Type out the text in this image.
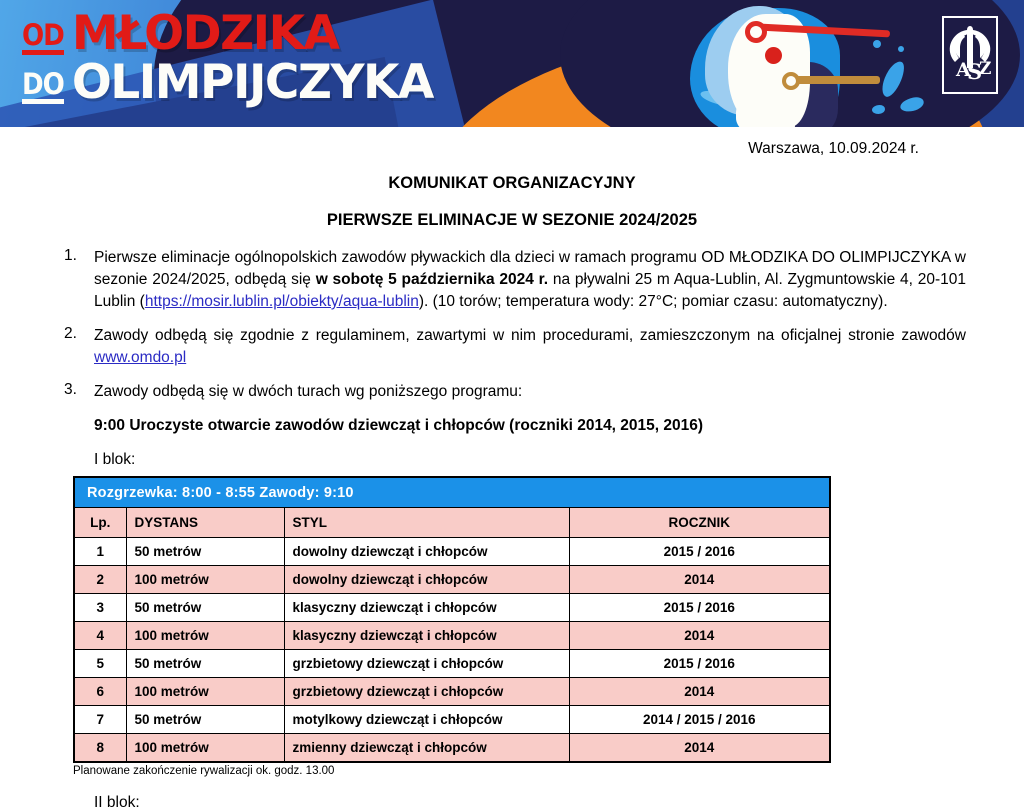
OD MŁODZIKA
DO OLIMPIJCZYKA	A
S
Z
Warszawa, 10.09.2024 r.
KOMUNIKAT ORGANIZACYJNY
PIERWSZE ELIMINACJE W SEZONIE 2024/2025
1.	Pierwsze eliminacje ogólnopolskich zawodów pływackich dla dzieci w ramach programu OD MŁODZIKA DO OLIMPIJCZYKA w sezonie 2024/2025, odbędą się w sobotę 5 października 2024 r. na pływalni 25 m Aqua-Lublin, Al. Zygmuntowskie 4, 20-101 Lublin (https://mosir.lublin.pl/obiekty/aqua-lublin). (10 torów; temperatura wody: 27°C; pomiar czasu: automatyczny).
2.	Zawody odbędą się zgodnie z regulaminem, zawartymi w nim procedurami, zamieszczonym na oficjalnej stronie zawodów www.omdo.pl
3.	Zawody odbędą się w dwóch turach wg poniższego programu:
9:00 Uroczyste otwarcie zawodów dziewcząt i chłopców (roczniki 2014, 2015, 2016)
I blok:
Rozgrzewka: 8:00 - 8:55 Zawody: 9:10			
Lp.	DYSTANS	STYL	ROCZNIK
1	50 metrów	dowolny dziewcząt i chłopców	2015 / 2016
2	100 metrów	dowolny dziewcząt i chłopców	2014
3	50 metrów	klasyczny dziewcząt i chłopców	2015 / 2016
4	100 metrów	klasyczny dziewcząt i chłopców	2014
5	50 metrów	grzbietowy dziewcząt i chłopców	2015 / 2016
6	100 metrów	grzbietowy dziewcząt i chłopców	2014
7	50 metrów	motylkowy dziewcząt i chłopców	2014 / 2015 / 2016
8	100 metrów	zmienny dziewcząt i chłopców	2014
Planowane zakończenie rywalizacji ok. godz. 13.00
II blok:
